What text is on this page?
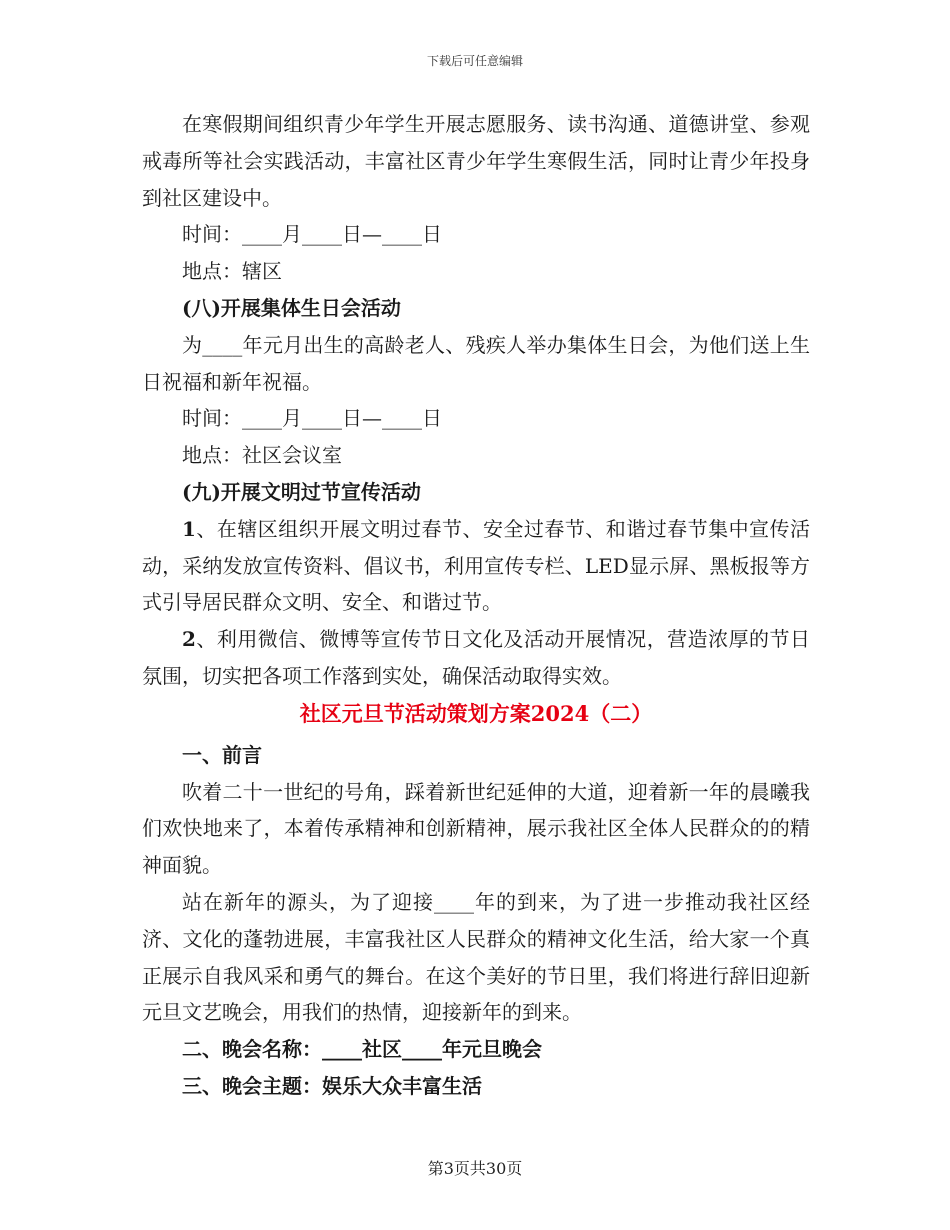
下载后可任意编辑

在寒假期间组织青少年学生开展志愿服务、读书沟通、道德讲堂、参观戒毒所等社会实践活动，丰富社区青少年学生寒假生活，同时让青少年投身到社区建设中。

时间：____月____日—____日

地点：辖区

(八)开展集体生日会活动

为____年元月出生的高龄老人、残疾人举办集体生日会，为他们送上生日祝福和新年祝福。

时间：____月____日—____日

地点：社区会议室

(九)开展文明过节宣传活动

1、在辖区组织开展文明过春节、安全过春节、和谐过春节集中宣传活动，采纳发放宣传资料、倡议书，利用宣传专栏、LED显示屏、黑板报等方式引导居民群众文明、安全、和谐过节。

2、利用微信、微博等宣传节日文化及活动开展情况，营造浓厚的节日氛围，切实把各项工作落到实处，确保活动取得实效。

社区元旦节活动策划方案2024（二）

一、前言

吹着二十一世纪的号角，踩着新世纪延伸的大道，迎着新一年的晨曦我们欢快地来了，本着传承精神和创新精神，展示我社区全体人民群众的的精神面貌。

站在新年的源头，为了迎接____年的到来，为了进一步推动我社区经济、文化的蓬勃进展，丰富我社区人民群众的精神文化生活，给大家一个真正展示自我风采和勇气的舞台。在这个美好的节日里，我们将进行辞旧迎新元旦文艺晚会，用我们的热情，迎接新年的到来。

二、晚会名称：____社区____年元旦晚会

三、晚会主题：娱乐大众丰富生活

第3页共30页
